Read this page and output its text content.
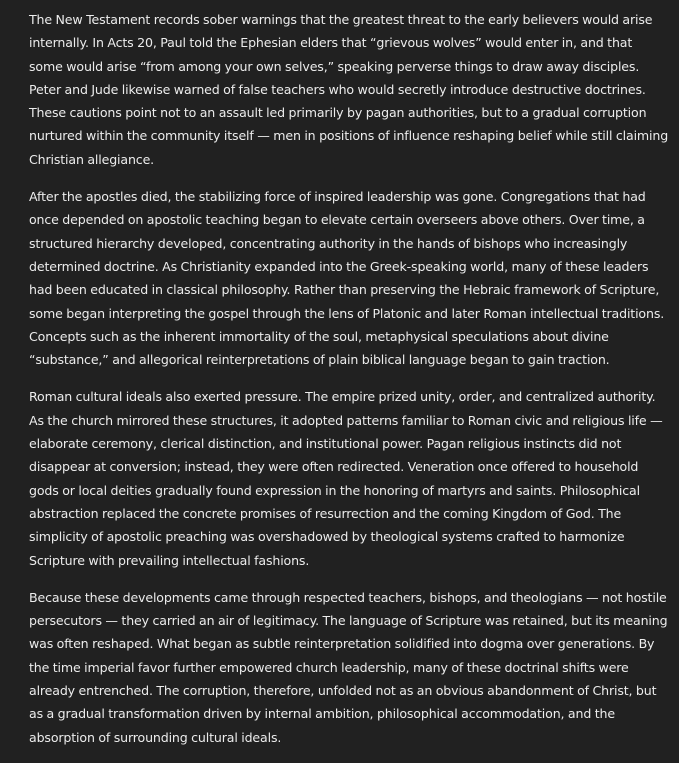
The New Testament records sober warnings that the greatest threat to the early believers would arise internally. In Acts 20, Paul told the Ephesian elders that “grievous wolves” would enter in, and that some would arise “from among your own selves,” speaking perverse things to draw away disciples. Peter and Jude likewise warned of false teachers who would secretly introduce destructive doctrines. These cautions point not to an assault led primarily by pagan authorities, but to a gradual corruption nurtured within the community itself — men in positions of influence reshaping belief while still claiming Christian allegiance.

After the apostles died, the stabilizing force of inspired leadership was gone. Congregations that had once depended on apostolic teaching began to elevate certain overseers above others. Over time, a structured hierarchy developed, concentrating authority in the hands of bishops who increasingly determined doctrine. As Christianity expanded into the Greek-speaking world, many of these leaders had been educated in classical philosophy. Rather than preserving the Hebraic framework of Scripture, some began interpreting the gospel through the lens of Platonic and later Roman intellectual traditions. Concepts such as the inherent immortality of the soul, metaphysical speculations about divine “substance,” and allegorical reinterpretations of plain biblical language began to gain traction.

Roman cultural ideals also exerted pressure. The empire prized unity, order, and centralized authority. As the church mirrored these structures, it adopted patterns familiar to Roman civic and religious life — elaborate ceremony, clerical distinction, and institutional power. Pagan religious instincts did not disappear at conversion; instead, they were often redirected. Veneration once offered to household gods or local deities gradually found expression in the honoring of martyrs and saints. Philosophical abstraction replaced the concrete promises of resurrection and the coming Kingdom of God. The simplicity of apostolic preaching was overshadowed by theological systems crafted to harmonize Scripture with prevailing intellectual fashions.

Because these developments came through respected teachers, bishops, and theologians — not hostile persecutors — they carried an air of legitimacy. The language of Scripture was retained, but its meaning was often reshaped. What began as subtle reinterpretation solidified into dogma over generations. By the time imperial favor further empowered church leadership, many of these doctrinal shifts were already entrenched. The corruption, therefore, unfolded not as an obvious abandonment of Christ, but as a gradual transformation driven by internal ambition, philosophical accommodation, and the absorption of surrounding cultural ideals.
